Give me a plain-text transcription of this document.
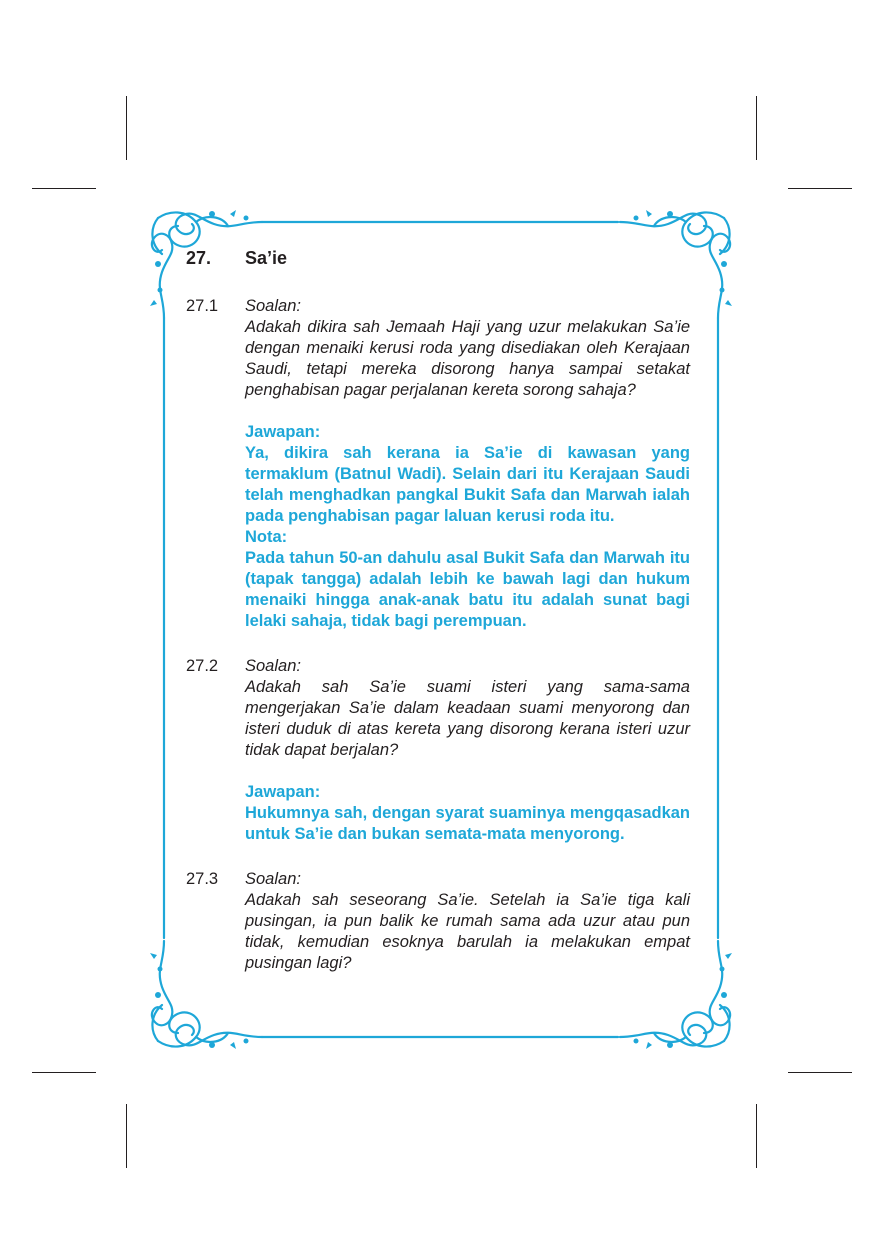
27.	Sa’ie
27.1	Soalan:
Adakah dikira sah Jemaah Haji yang uzur melakukan Sa’ie dengan menaiki kerusi roda yang disediakan oleh Kerajaan Saudi, tetapi mereka disorong hanya sampai setakat penghabisan pagar perjalanan kereta sorong sahaja?
Jawapan:
Ya, dikira sah kerana ia Sa’ie di kawasan yang termaklum (Batnul Wadi). Selain dari itu Kerajaan Saudi telah menghadkan pangkal Bukit Safa dan Marwah ialah pada penghabisan pagar laluan kerusi roda itu.
Nota:
Pada tahun 50-an dahulu asal Bukit Safa dan Marwah itu (tapak tangga) adalah lebih ke bawah lagi dan hukum menaiki hingga anak-anak batu itu adalah sunat bagi lelaki sahaja, tidak bagi perempuan.
27.2	Soalan:
Adakah sah Sa’ie suami isteri yang sama-sama mengerjakan Sa’ie dalam keadaan suami menyorong dan isteri duduk di atas kereta yang disorong kerana isteri uzur tidak dapat berjalan?
Jawapan:
Hukumnya sah, dengan syarat suaminya mengqasadkan untuk Sa’ie dan bukan semata-mata menyorong.
27.3	Soalan:
Adakah sah seseorang Sa’ie. Setelah ia Sa’ie tiga kali pusingan, ia pun balik ke rumah sama ada uzur atau pun tidak, kemudian esoknya barulah ia melakukan empat pusingan lagi?
